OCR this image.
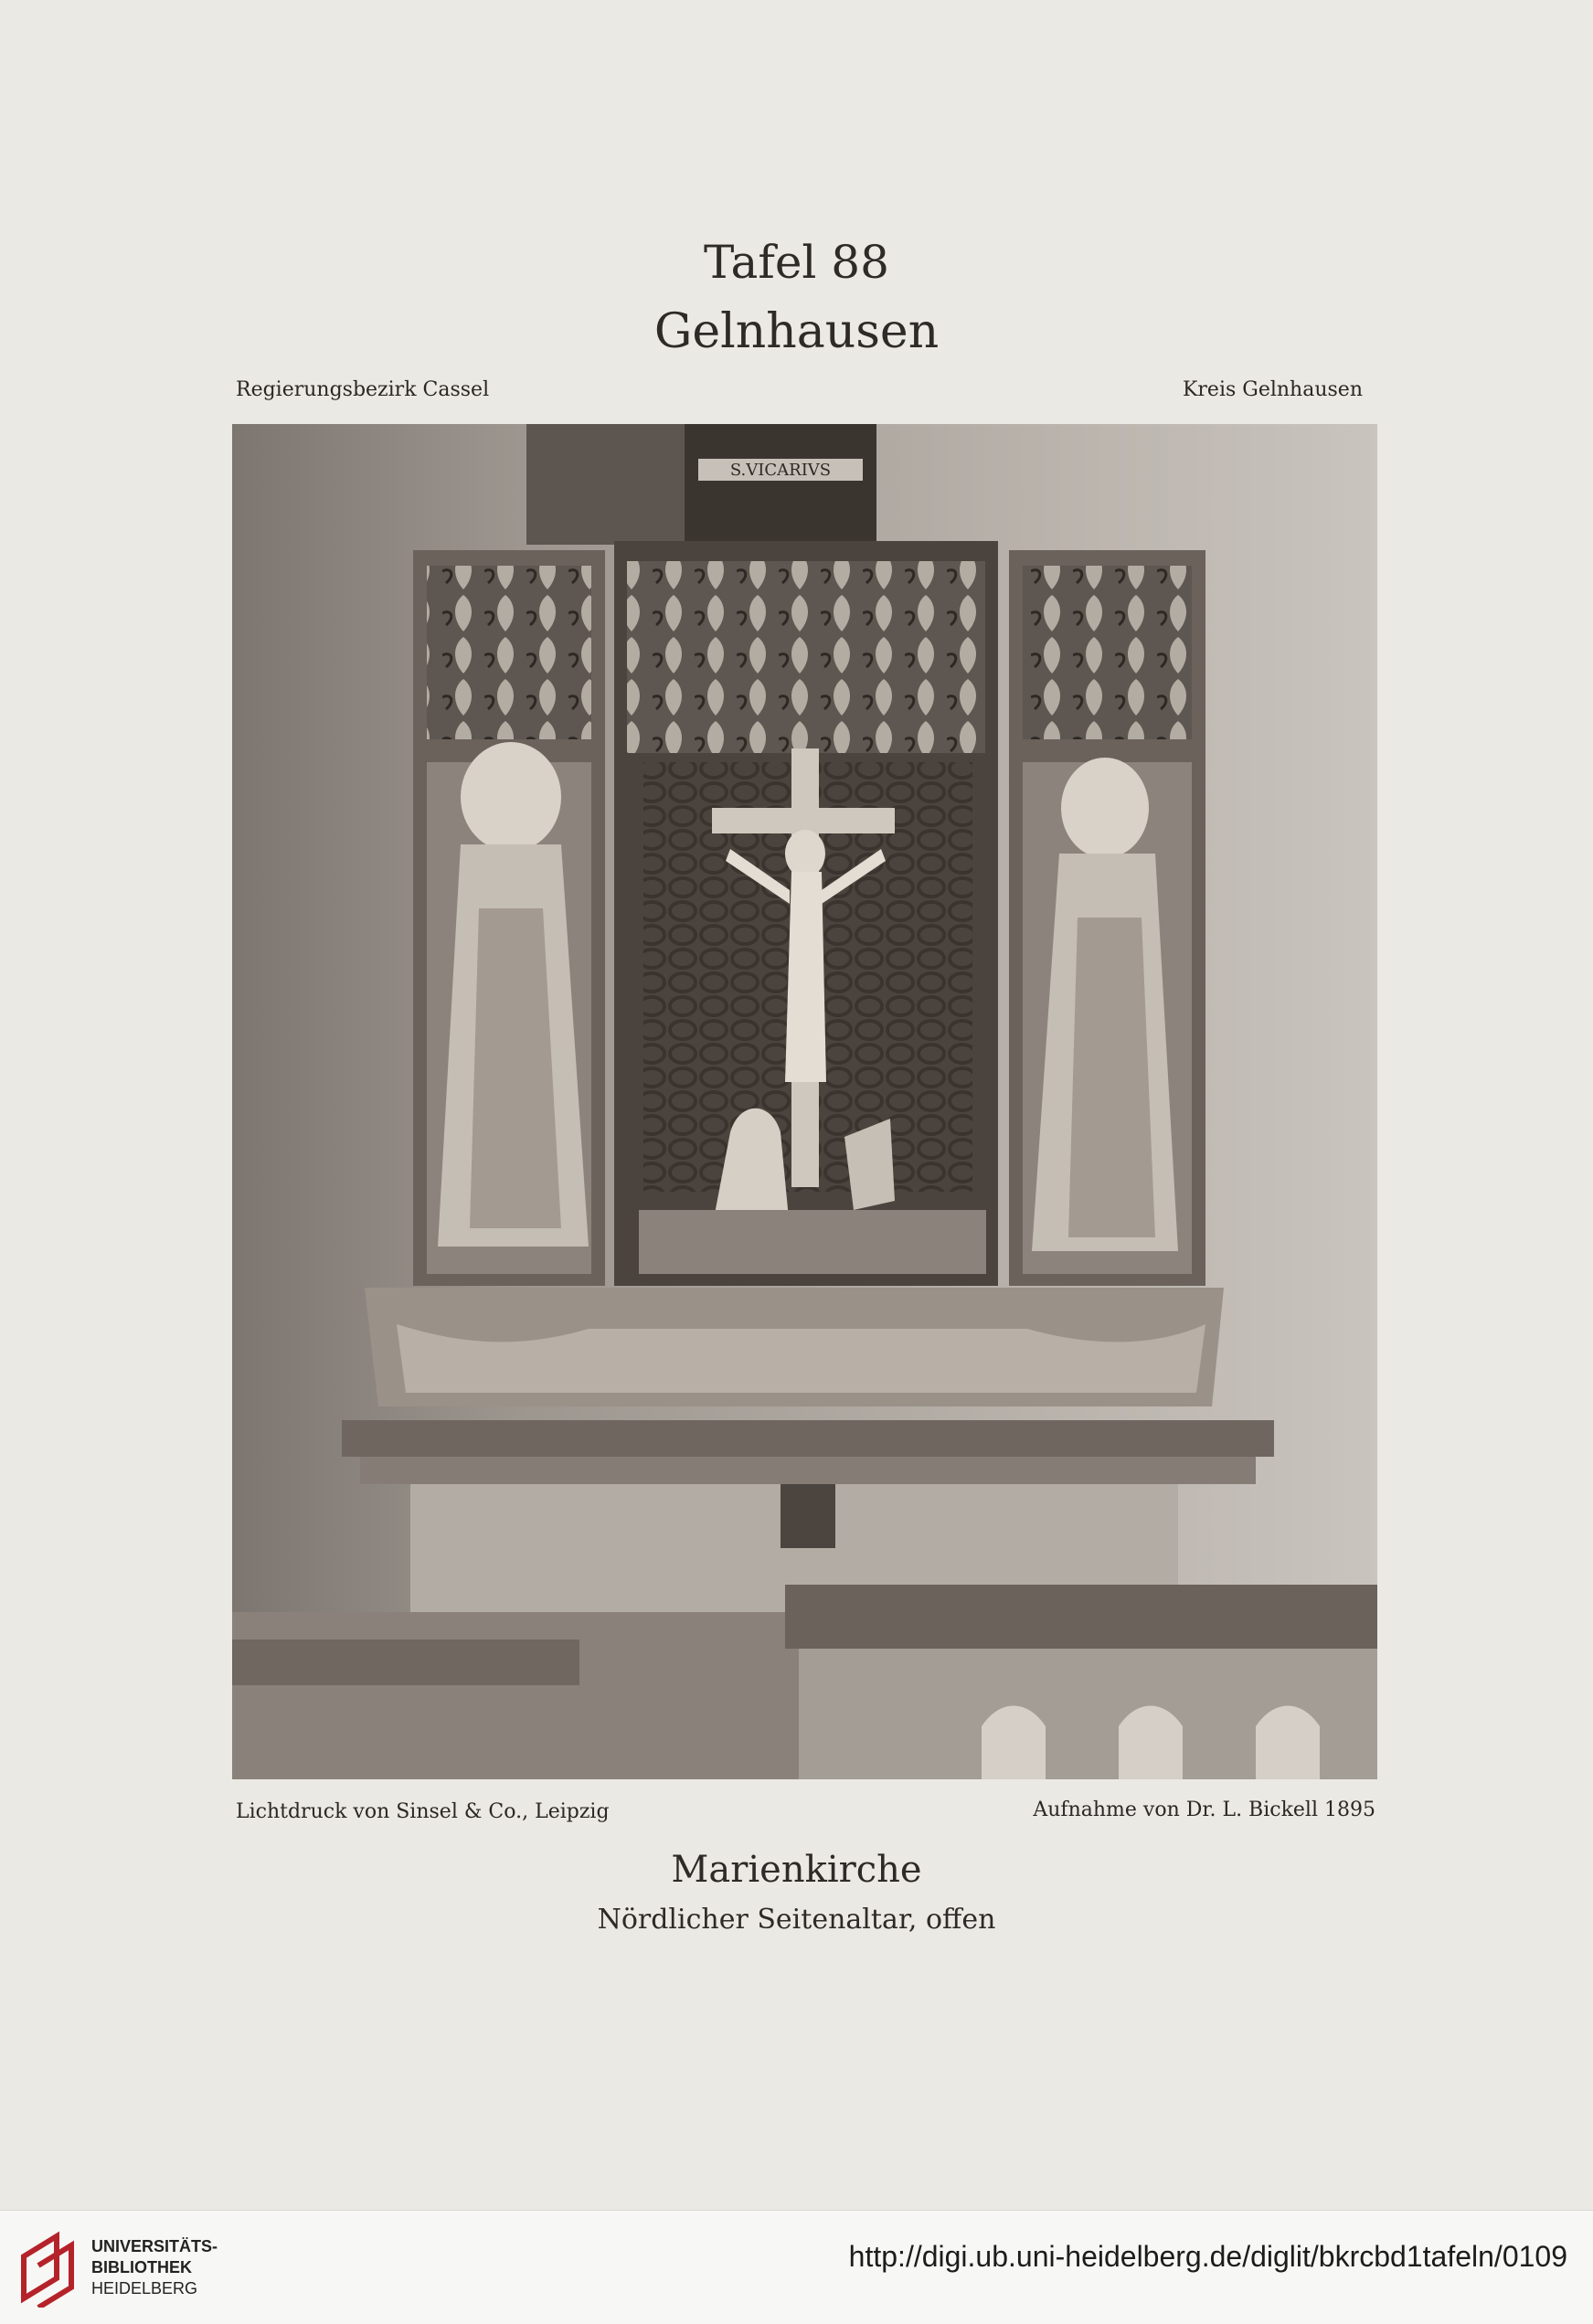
Tafel 88
Gelnhausen
Regierungsbezirk Cassel	Kreis Gelnhausen
S.VICARIVS
Lichtdruck von Sinsel & Co., Leipzig	Aufnahme von Dr. L. Bickell 1895
Marienkirche
Nördlicher Seitenaltar, offen
UNIVERSITÄTS-
BIBLIOTHEK
HEIDELBERG
http://digi.ub.uni-heidelberg.de/diglit/bkrcbd1tafeln/0109
